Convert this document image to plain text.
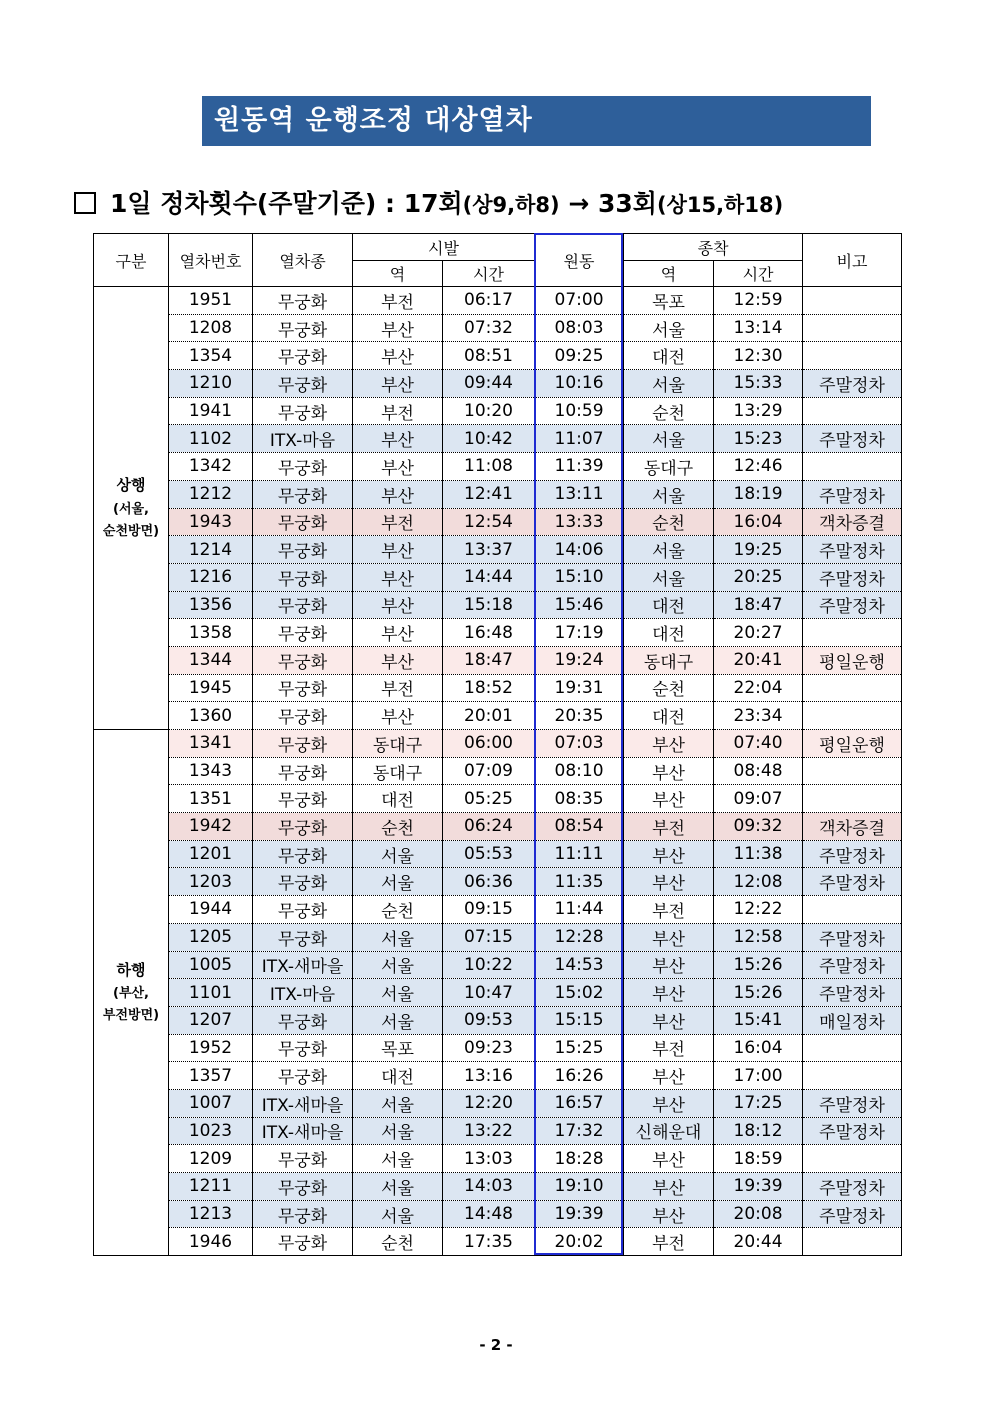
원동역 운행조정 대상열차
1일 정차횟수(주말기준) : 17회(상9,하8) → 33회(상15,하18)
구분	열차번호	열차종	시발		원동	종착		비고
			역	시간		역	시간	

상행
(서울,
순천방면)	1951	무궁화	부전	06:17	07:00	목포	12:59	
	1208	무궁화	부산	07:32	08:03	서울	13:14	
	1354	무궁화	부산	08:51	09:25	대전	12:30	
	1210	무궁화	부산	09:44	10:16	서울	15:33	주말정차
	1941	무궁화	부전	10:20	10:59	순천	13:29	
	1102	ITX-마음	부산	10:42	11:07	서울	15:23	주말정차
	1342	무궁화	부산	11:08	11:39	동대구	12:46	
	1212	무궁화	부산	12:41	13:11	서울	18:19	주말정차
	1943	무궁화	부전	12:54	13:33	순천	16:04	객차증결
	1214	무궁화	부산	13:37	14:06	서울	19:25	주말정차
	1216	무궁화	부산	14:44	15:10	서울	20:25	주말정차
	1356	무궁화	부산	15:18	15:46	대전	18:47	주말정차
	1358	무궁화	부산	16:48	17:19	대전	20:27	
	1344	무궁화	부산	18:47	19:24	동대구	20:41	평일운행
	1945	무궁화	부전	18:52	19:31	순천	22:04	
	1360	무궁화	부산	20:01	20:35	대전	23:34	

하행
(부산,
부전방면)	1341	무궁화	동대구	06:00	07:03	부산	07:40	평일운행
	1343	무궁화	동대구	07:09	08:10	부산	08:48	
	1351	무궁화	대전	05:25	08:35	부산	09:07	
	1942	무궁화	순천	06:24	08:54	부전	09:32	객차증결
	1201	무궁화	서울	05:53	11:11	부산	11:38	주말정차
	1203	무궁화	서울	06:36	11:35	부산	12:08	주말정차
	1944	무궁화	순천	09:15	11:44	부전	12:22	
	1205	무궁화	서울	07:15	12:28	부산	12:58	주말정차
	1005	ITX-새마을	서울	10:22	14:53	부산	15:26	주말정차
	1101	ITX-마음	서울	10:47	15:02	부산	15:26	주말정차
	1207	무궁화	서울	09:53	15:15	부산	15:41	매일정차
	1952	무궁화	목포	09:23	15:25	부전	16:04	
	1357	무궁화	대전	13:16	16:26	부산	17:00	
	1007	ITX-새마을	서울	12:20	16:57	부산	17:25	주말정차
	1023	ITX-새마을	서울	13:22	17:32	신해운대	18:12	주말정차
	1209	무궁화	서울	13:03	18:28	부산	18:59	
	1211	무궁화	서울	14:03	19:10	부산	19:39	주말정차
	1213	무궁화	서울	14:48	19:39	부산	20:08	주말정차
	1946	무궁화	순천	17:35	20:02	부전	20:44	
- 2 -
